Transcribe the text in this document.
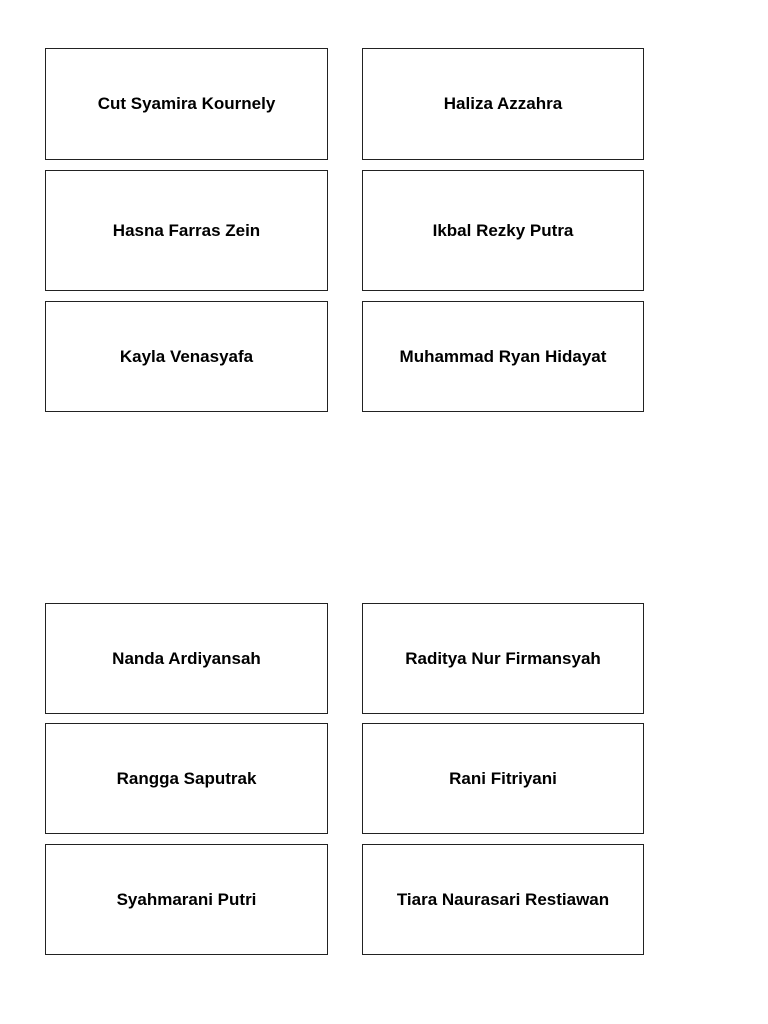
Cut Syamira Kournely	Haliza Azzahra
Hasna Farras Zein	Ikbal Rezky Putra
Kayla Venasyafa	Muhammad Ryan Hidayat
Nanda Ardiyansah	Raditya Nur Firmansyah
Rangga Saputrak	Rani Fitriyani
Syahmarani Putri	Tiara Naurasari Restiawan
